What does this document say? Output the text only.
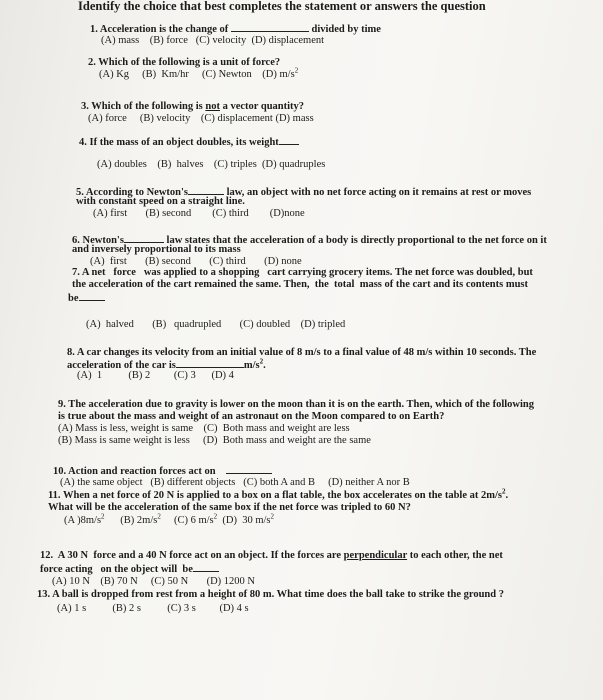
Identify the choice that best completes the statement or answers the question
1. Acceleration is the change of	divided by time
(A) mass    (B) force   (C) velocity  (D) displacement
2. Which of the following is a unit of force?
(A) Kg     (B)  Km/hr     (C) Newton    (D) $m/s^2$
3. Which of the following is not a vector quantity?
(A) force     (B) velocity    (C) displacement (D) mass
4. If the mass of an object doubles, its weight
(A) doubles    (B)  halves    (C) triples  (D) quadruples
5. According to Newton's	law, an object with no net force acting on it remains at rest or moves
with constant speed on a straight line.
(A) first       (B) second        (C) third        (D)none
6. Newton's	law states that the acceleration of a body is directly proportional to the net force on it
and inversely proportional to its mass
(A)  first       (B) second       (C) third       (D) none
7. A net   force   was applied to a shopping   cart carrying grocery items. The net force was doubled, but
the acceleration of the cart remained the same. Then,  the  total  mass of the cart and its contents must
be
(A)  halved       (B)   quadrupled       (C) doubled    (D) tripled
8. A car changes its velocity from an initial value of 8 m/s to a final value of 48 m/s within 10 seconds. The
acceleration of the car is	$m/s^2$.
(A)  1          (B) 2         (C) 3      (D) 4
9. The acceleration due to gravity is lower on the moon than it is on the earth. Then, which of the following
is true about the mass and weight of an astronaut on the Moon compared to on Earth?
(A) Mass is less, weight is same    (C)  Both mass and weight are less
(B) Mass is same weight is less     (D)  Both mass and weight are the same
10. Action and reaction forces act on
(A) the same object   (B) different objects   (C) both A and B     (D) neither A nor B
11. When a net force of 20 N is applied to a box on a flat table, the box accelerates on the table at $2m/s^2$.
What will be the acceleration of the same box if the net force was tripled to 60 N?
(A )$8m/s^2$ (B) $2m/s^2$ (C) 6 $m/s^2$ (D)  30 $m/s^2$
12.  A 30 N  force and a 40 N force act on an object. If the forces are perpendicular to each other, the net
force acting   on the object will  be
(A) 10 N    (B) 70 N     (C) 50 N       (D) 1200 N
13. A ball is dropped from rest from a height of 80 m. What time does the ball take to strike the ground ?
(A) 1 s          (B) 2 s          (C) 3 s         (D) 4 s
